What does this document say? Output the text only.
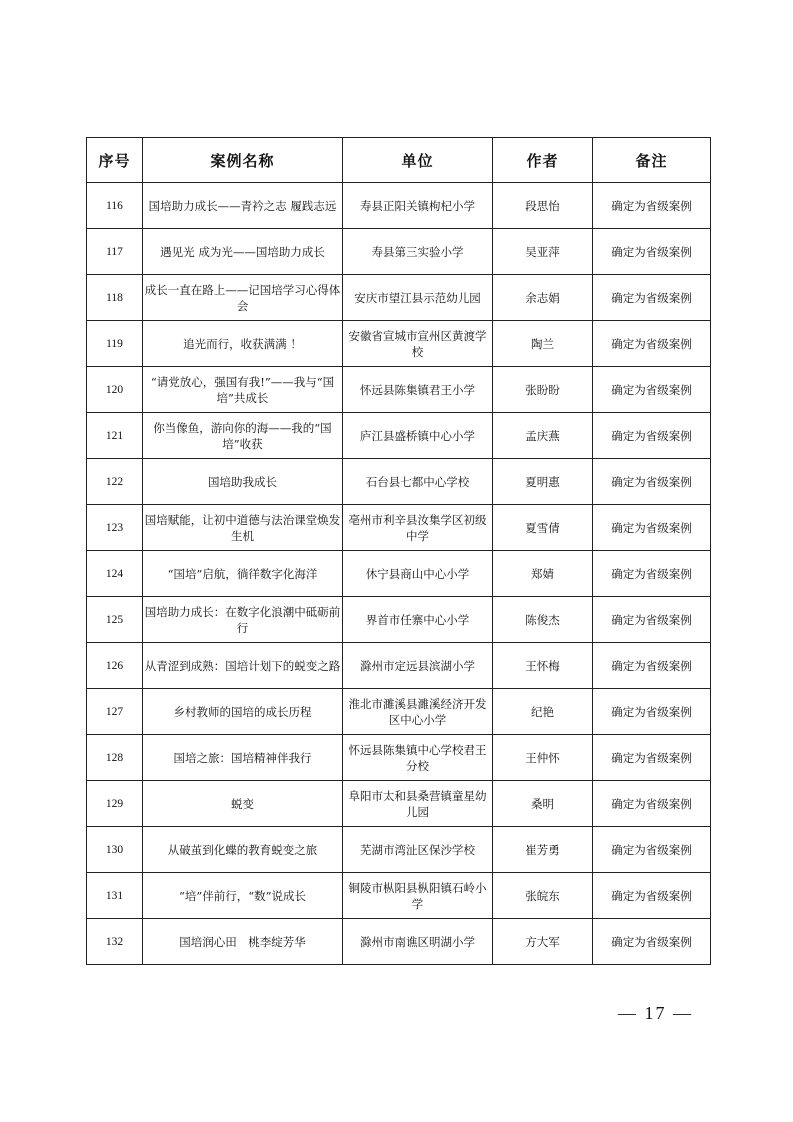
序号	案例名称	单位	作者	备注
116	国培助力成长——青衿之志 履践志远	寿县正阳关镇枸杞小学	段思怡	确定为省级案例
117	遇见光 成为光——国培助力成长	寿县第三实验小学	吴亚萍	确定为省级案例
118	成长一直在路上——记国培学习心得体会	安庆市望江县示范幼儿园	余志娟	确定为省级案例
119	追光而行，收获满满 ！	安徽省宣城市宣州区黄渡学校	陶兰	确定为省级案例
120	“请党放心，强国有我!”——我与“国培”共成长	怀远县陈集镇君王小学	张盼盼	确定为省级案例
121	你当像鱼，游向你的海——我的“国培”收获	庐江县盛桥镇中心小学	孟庆燕	确定为省级案例
122	国培助我成长	石台县七都中心学校	夏明惠	确定为省级案例
123	国培赋能，让初中道德与法治课堂焕发生机	亳州市利辛县汝集学区初级中学	夏雪倩	确定为省级案例
124	“国培”启航，徜徉数字化海洋	休宁县商山中心小学	郑婧	确定为省级案例
125	国培助力成长：在数字化浪潮中砥砺前行	界首市任寨中心小学	陈俊杰	确定为省级案例
126	从青涩到成熟：国培计划下的蜕变之路	滁州市定远县滨湖小学	王怀梅	确定为省级案例
127	乡村教师的国培的成长历程	淮北市濉溪县濉溪经济开发区中心小学	纪艳	确定为省级案例
128	国培之旅：国培精神伴我行	怀远县陈集镇中心学校君王分校	王仲怀	确定为省级案例
129	蜕变	阜阳市太和县桑营镇童星幼儿园	桑明	确定为省级案例
130	从破茧到化蝶的教育蜕变之旅	芜湖市湾沚区保沙学校	崔芳勇	确定为省级案例
131	“培”伴前行，“数”说成长	铜陵市枞阳县枞阳镇石岭小学	张皖东	确定为省级案例
132	国培润心田　桃李绽芳华	滁州市南谯区明湖小学	方大军	确定为省级案例
— 17 —
